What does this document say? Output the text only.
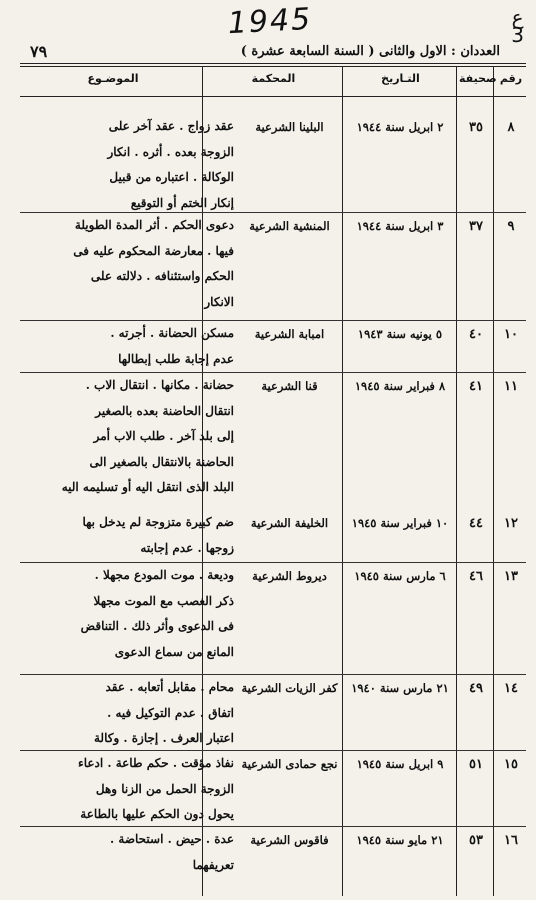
1945	ع
3
العددان : الاول والثانى ( السنة السابعة عشرة )
٧٩
رقم
صحيفة
التـاريخ
المحكمة
الموضـوع
٨
٣٥
٢ ابريل سنة ١٩٤٤
البلينا الشرعية
عقد زواج . عقد آخر على
الزوجة بعده . أثره . انكار
الوكالة . اعتباره من قبيل
إنكار الختم أو التوقيع
٩
٣٧
٣ ابريل سنة ١٩٤٤
المنشية الشرعية
دعوى الحكم . أثر المدة الطويلة
فيها . معارضة المحكوم عليه فى
الحكم واستئنافه . دلالته على
الانكار
١٠
٤٠
٥ يونيه سنة ١٩٤٣
امبابة الشرعية
مسكن الحضانة . أجرته .
عدم إجابة طلب إبطالها
١١
٤١
٨ فبراير سنة ١٩٤٥
قنا الشرعية
حضانة . مكانها . انتقال الاب .
انتقال الحاضنة بعده بالصغير
إلى بلد آخر . طلب الاب أمر
الحاضنة بالانتقال بالصغير الى
البلد الذى انتقل اليه أو تسليمه اليه
١٢
٤٤
١٠ فبراير سنة ١٩٤٥
الخليفة الشرعية
ضم كبيرة متزوجة لم يدخل بها
زوجها . عدم إجابته
١٣
٤٦
٦ مارس سنة ١٩٤٥
ديروط الشرعية
وديعة . موت المودع مجهلا .
ذكر الغصب مع الموت مجهلا
فى الدعوى وأثر ذلك . التناقض
المانع من سماع الدعوى
١٤
٤٩
٢١ مارس سنة ١٩٤٠
كفر الزيات الشرعية
محام . مقابل أتعابه . عقد
اتفاق . عدم التوكيل فيه .
اعتبار العرف . إجازة . وكالة
١٥
٥١
٩ ابريل سنة ١٩٤٥
نجع حمادى الشرعية
نفاذ مؤقت . حكم طاعة . ادعاء
الزوجة الحمل من الزنا وهل
يحول دون الحكم عليها بالطاعة
١٦
٥٣
٢١ مايو سنة ١٩٤٥
فاقوس الشرعية
عدة . حيض . استحاضة .
تعريفهما
